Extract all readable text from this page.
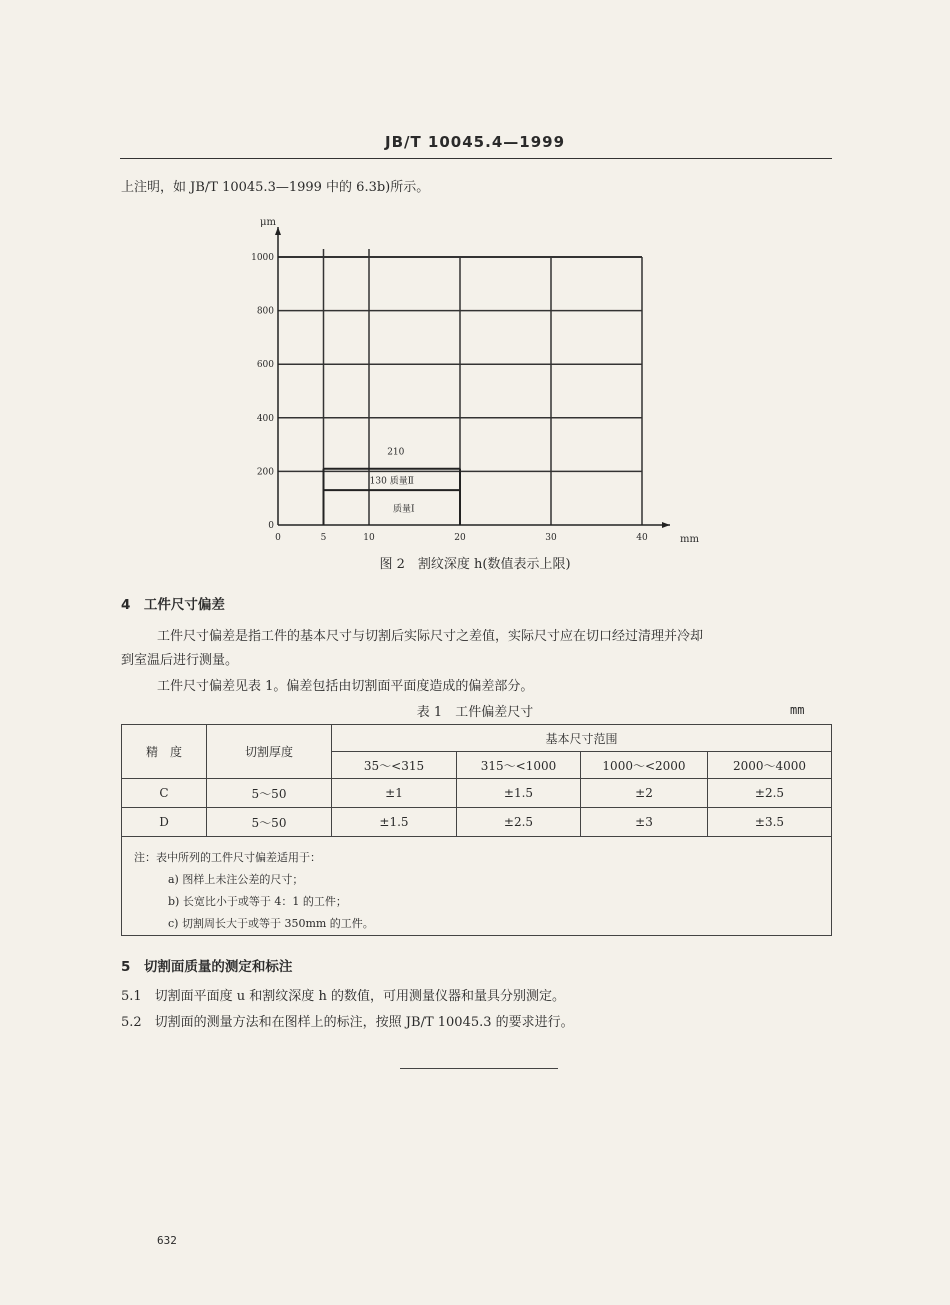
JB/T 10045.4—1999
上注明，如 JB/T 10045.3—1999 中的 6.3b)所示。
μm
mm
质量Ⅰ
130 质量Ⅱ
210
0	5	10	20	30	40
0
200
400
600
800
1000
图 2　割纹深度 h(数值表示上限)
4　工件尺寸偏差
工件尺寸偏差是指工件的基本尺寸与切割后实际尺寸之差值，实际尺寸应在切口经过清理并冷却
到室温后进行测量。
工件尺寸偏差见表 1。偏差包括由切割面平面度造成的偏差部分。
表 1　工件偏差尺寸	mm
精　度	切割厚度	基本尺寸范围			
		35～<315	315～<1000	1000～<2000	2000～4000
C	5～50	±1	±1.5	±2	±2.5
D	5～50	±1.5	±2.5	±3	±3.5

注：表中所列的工件尺寸偏差适用于：
a) 图样上未注公差的尺寸；
b) 长宽比小于或等于 4：1 的工件；
c) 切割周长大于或等于 350mm 的工件。					
5　切割面质量的测定和标注
5.1　切割面平面度 u 和割纹深度 h 的数值，可用测量仪器和量具分别测定。
5.2　切割面的测量方法和在图样上的标注，按照 JB/T 10045.3 的要求进行。
632
